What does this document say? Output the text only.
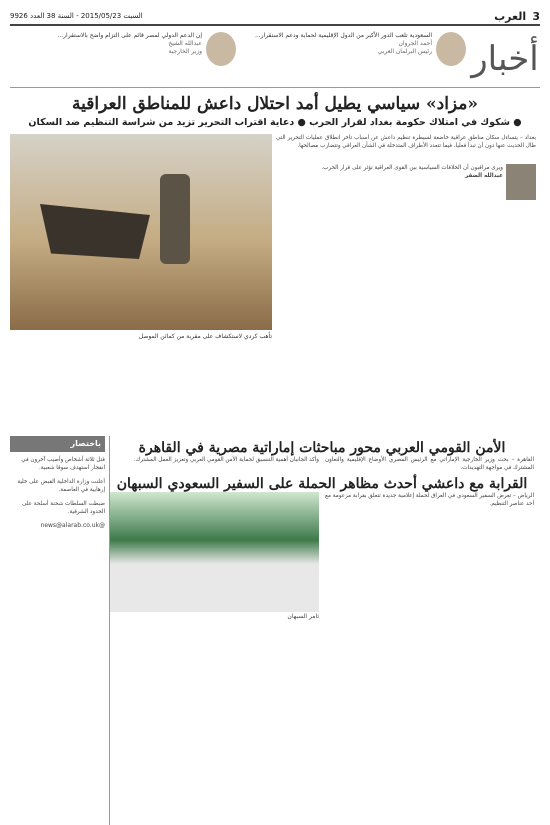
3 العرب
السبت 2015/05/23 - السنة 38 العدد 9926
أخبار
السعودية تلعب الدور الأكبر من الدول الإقليمية لحماية ودعم الاستقرار...
أحمد الجروان
رئيس البرلمان العربي
إن الدعم الدولي لمصر قائم على التزام واضح بالاستقرار...
عبدالله الشيخ
وزير الخارجية
«مزاد» سياسي يطيل أمد احتلال داعش للمناطق العراقية
● شكوك في امتلاك حكومة بغداد لقرار الحرب ● دعاية اقتراب التحرير تزيد من شراسة التنظيم ضد السكان

بغداد – يتساءل سكان مناطق عراقية خاضعة لسيطرة تنظيم داعش عن أسباب تأخر انطلاق عمليات التحرير التي طال الحديث عنها دون أن تبدأ فعليا، فيما تتعدد الأطراف المتدخلة في الشأن العراقي وتتضارب مصالحها.

ويرى مراقبون أن الخلافات السياسية بين القوى العراقية تؤثر على قرار الحرب.

عبدالله الصقر
تأهب كردي لاستكشاف على مقربة من كمائن الموصل
الأمن القومي العربي محور مباحثات إماراتية مصرية في القاهرة
القاهرة – بحث وزير الخارجية الإماراتي مع الرئيس المصري الأوضاع الإقليمية والتعاون المشترك في مواجهة التهديدات.
وأكد الجانبان أهمية التنسيق لحماية الأمن القومي العربي وتعزيز العمل المشترك.
القرابة مع داعشي أحدث مظاهر الحملة على السفير السعودي السبهان
الرياض – تعرض السفير السعودي في العراق لحملة إعلامية جديدة تتعلق بقرابة مزعومة مع أحد عناصر التنظيم.
ثامر السبهان
باختصار

قتل ثلاثة أشخاص وأصيب آخرون في انفجار استهدف سوقا شعبية.

أعلنت وزارة الداخلية القبض على خلية إرهابية في العاصمة.

ضبطت السلطات شحنة أسلحة على الحدود الشرقية.

@news@alarab.co.uk
